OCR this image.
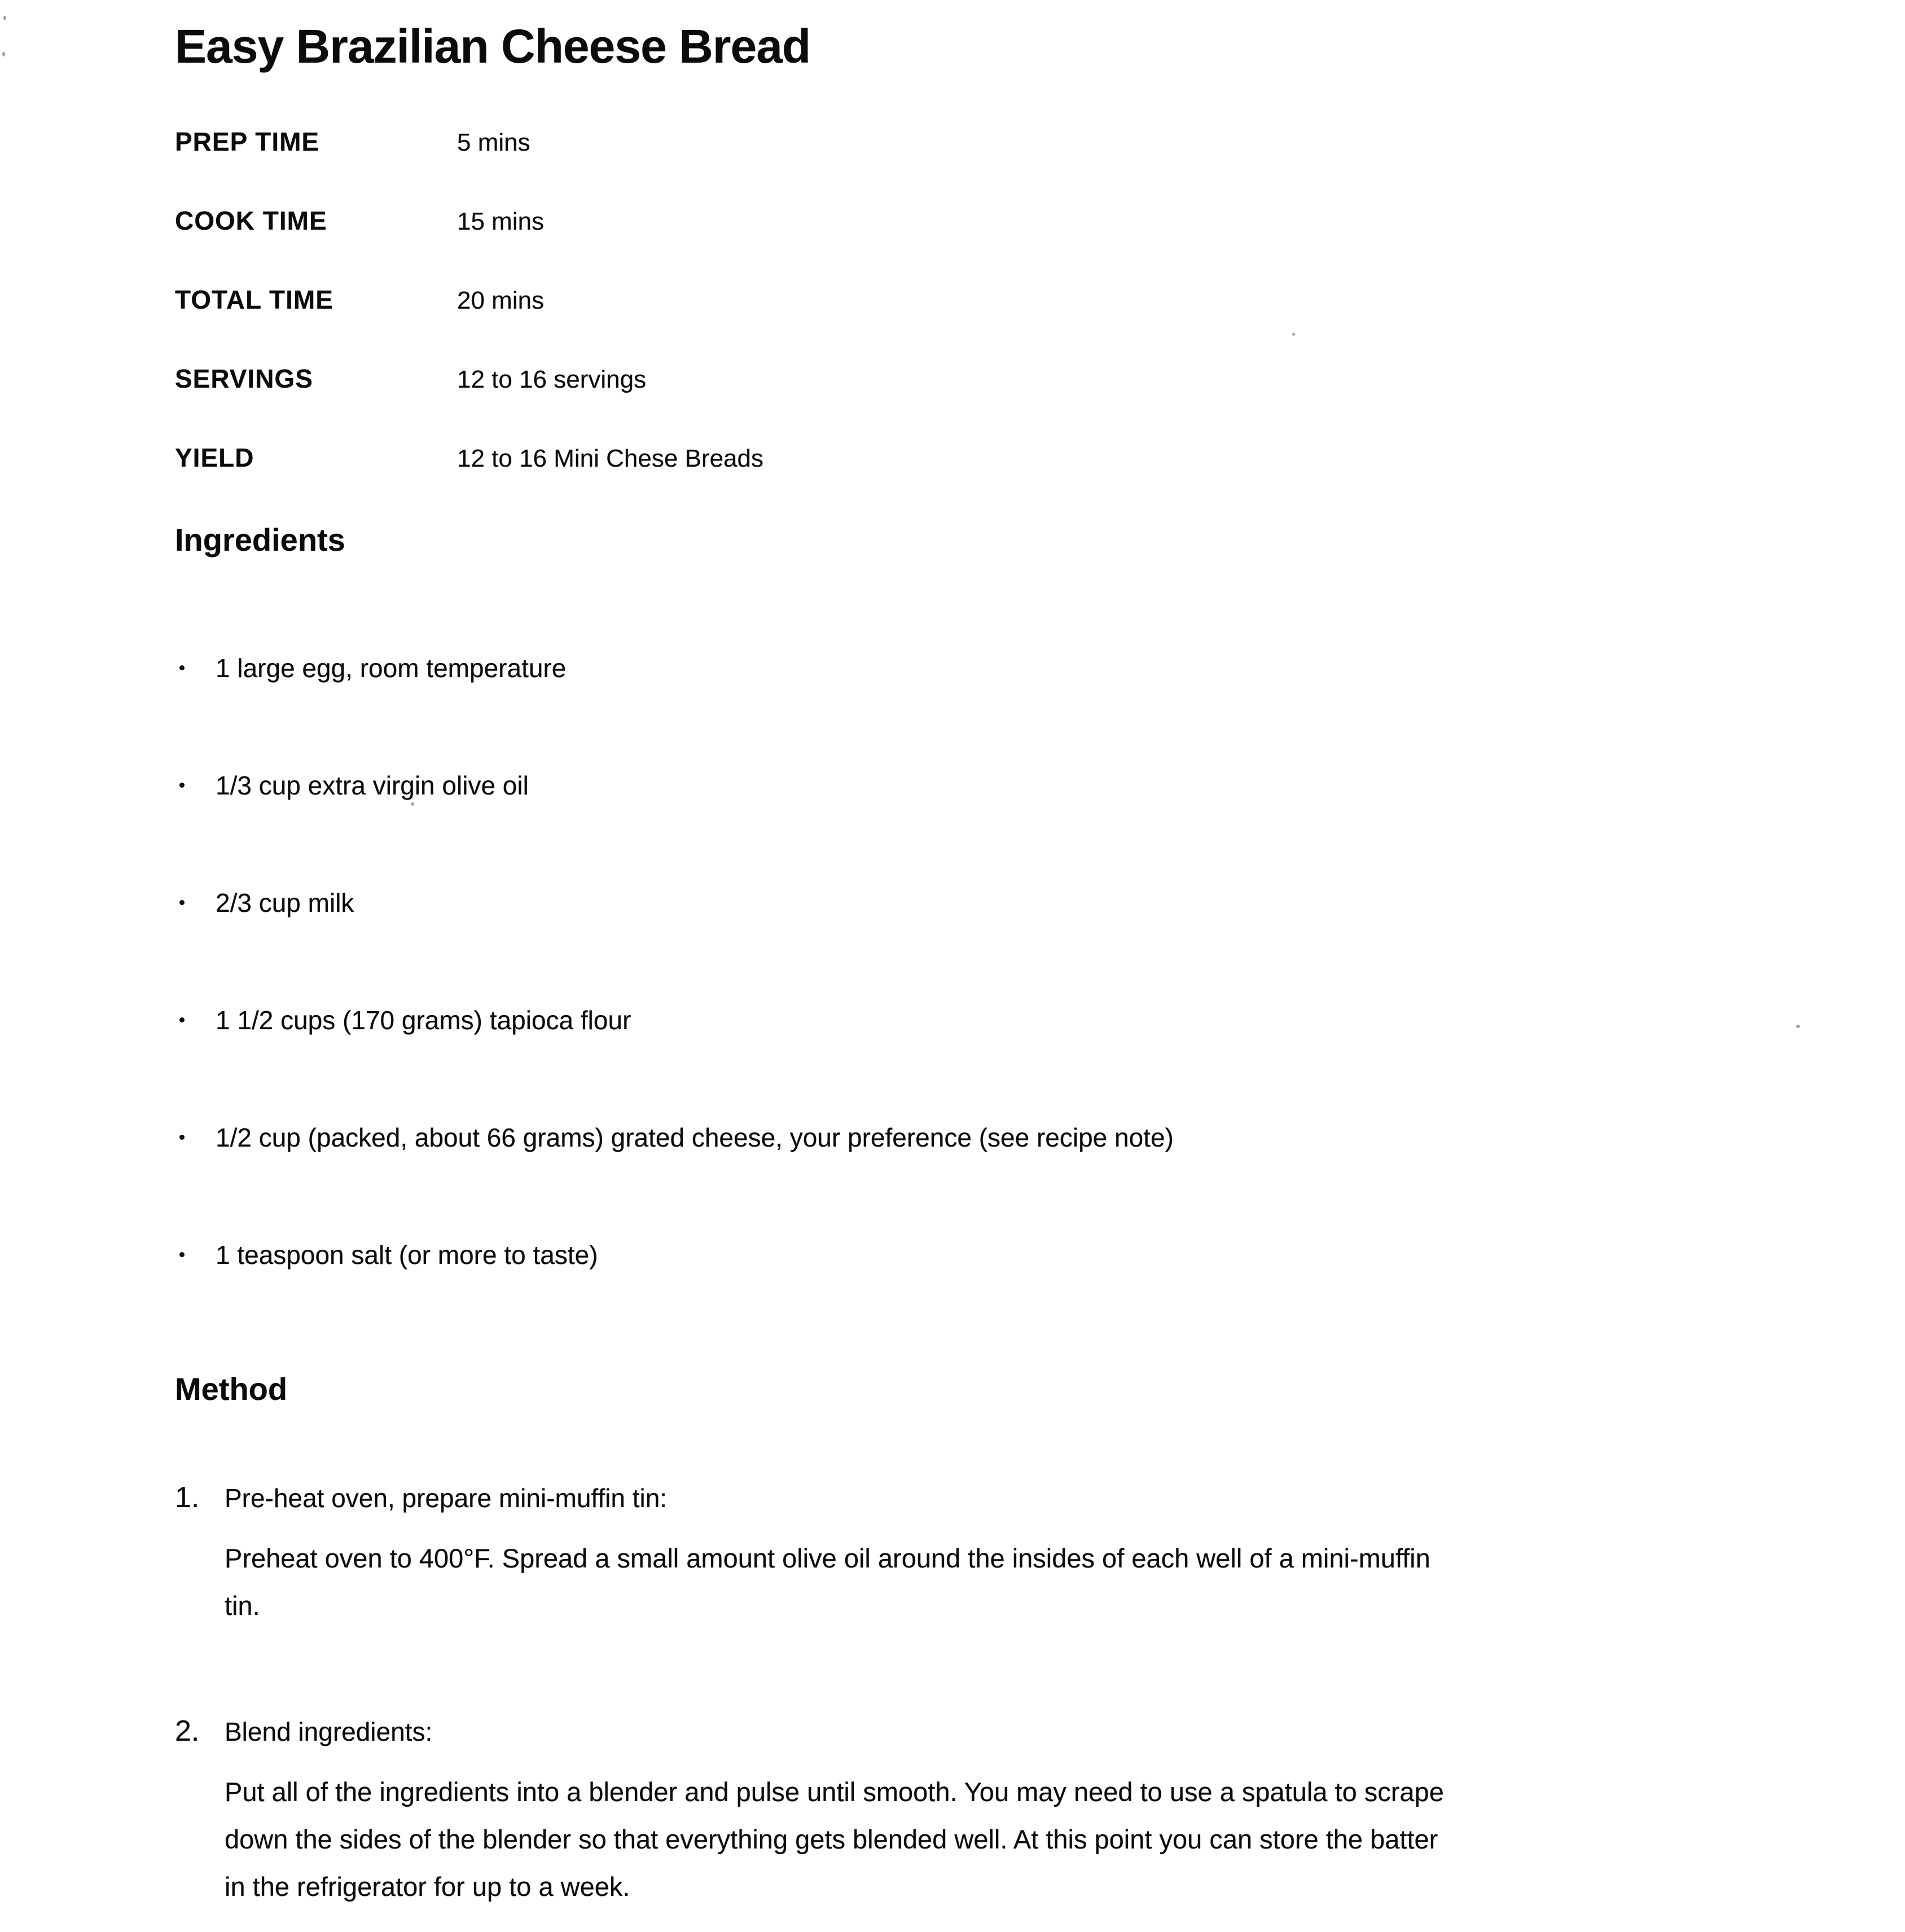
Easy Brazilian Cheese Bread
PREP TIME	5 mins
COOK TIME	15 mins
TOTAL TIME	20 mins
SERVINGS	12 to 16 servings
YIELD	12 to 16 Mini Chese Breads
Ingredients
1 large egg, room temperature
1/3 cup extra virgin olive oil
2/3 cup milk
1 1/2 cups (170 grams) tapioca flour
1/2 cup (packed, about 66 grams) grated cheese, your preference (see recipe note)
1 teaspoon salt (or more to taste)
Method
1. Pre-heat oven, prepare mini-muffin tin:
Preheat oven to 400°F. Spread a small amount olive oil around the insides of each well of a mini-muffin
tin.
2. Blend ingredients:
Put all of the ingredients into a blender and pulse until smooth. You may need to use a spatula to scrape
down the sides of the blender so that everything gets blended well. At this point you can store the batter
in the refrigerator for up to a week.
